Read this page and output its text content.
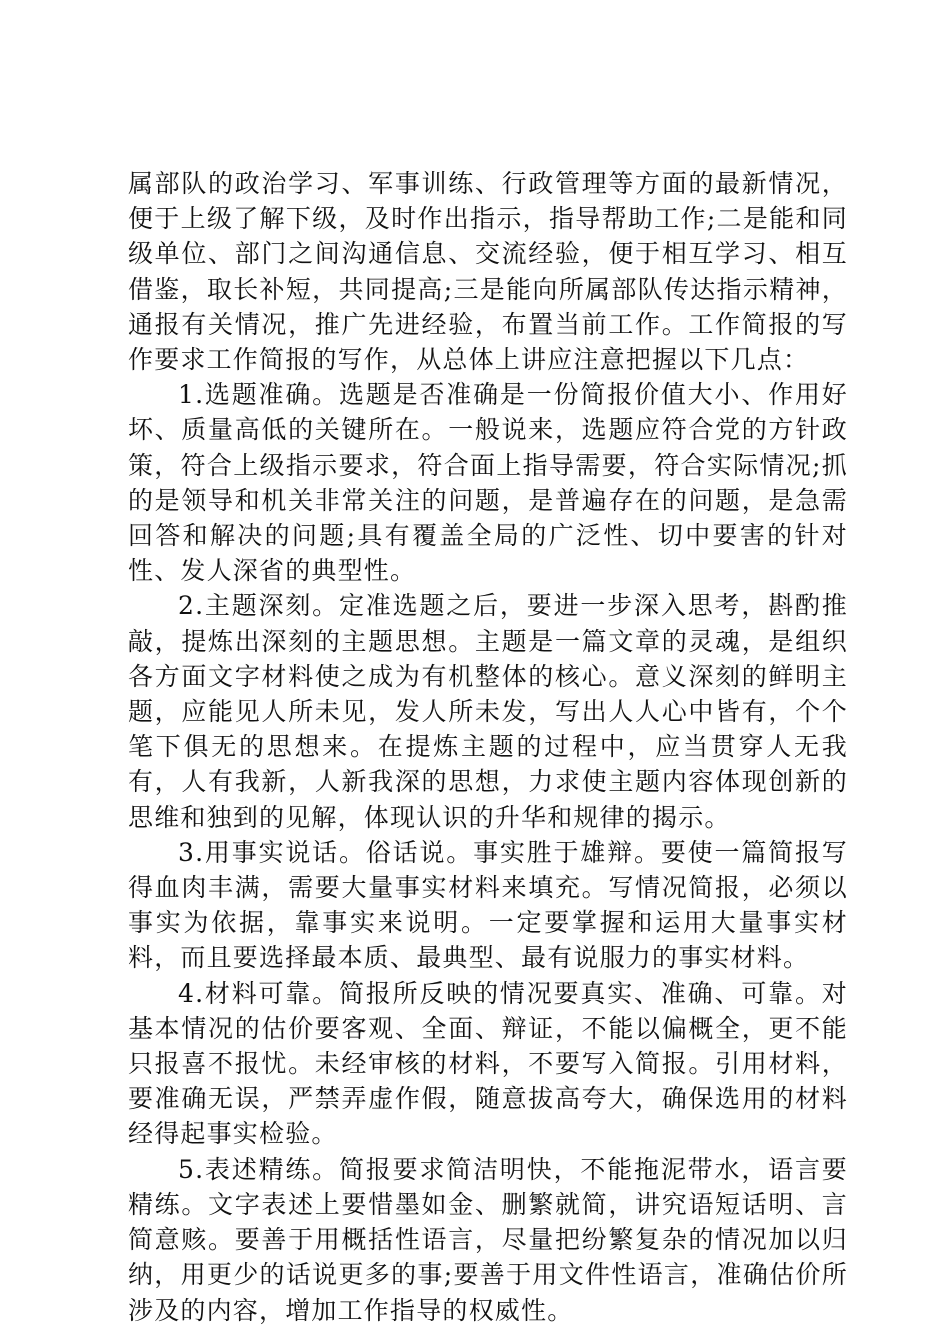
属部队的政治学习、军事训练、行政管理等方面的最新情况，便于上级了解下级，及时作出指示，指导帮助工作;二是能和同级单位、部门之间沟通信息、交流经验，便于相互学习、相互借鉴，取长补短，共同提高;三是能向所属部队传达指示精神，通报有关情况，推广先进经验，布置当前工作。工作简报的写作要求工作简报的写作，从总体上讲应注意把握以下几点：

1.选题准确。选题是否准确是一份简报价值大小、作用好坏、质量高低的关键所在。一般说来，选题应符合党的方针政策，符合上级指示要求，符合面上指导需要，符合实际情况;抓的是领导和机关非常关注的问题，是普遍存在的问题，是急需回答和解决的问题;具有覆盖全局的广泛性、切中要害的针对性、发人深省的典型性。

2.主题深刻。定准选题之后，要进一步深入思考，斟酌推敲，提炼出深刻的主题思想。主题是一篇文章的灵魂，是组织各方面文字材料使之成为有机整体的核心。意义深刻的鲜明主题，应能见人所未见，发人所未发，写出人人心中皆有，个个笔下俱无的思想来。在提炼主题的过程中，应当贯穿人无我有，人有我新，人新我深的思想，力求使主题内容体现创新的思维和独到的见解，体现认识的升华和规律的揭示。

3.用事实说话。俗话说。事实胜于雄辩。要使一篇简报写得血肉丰满，需要大量事实材料来填充。写情况简报，必须以事实为依据，靠事实来说明。一定要掌握和运用大量事实材料，而且要选择最本质、最典型、最有说服力的事实材料。

4.材料可靠。简报所反映的情况要真实、准确、可靠。对基本情况的估价要客观、全面、辩证，不能以偏概全，更不能只报喜不报忧。未经审核的材料，不要写入简报。引用材料，要准确无误，严禁弄虚作假，随意拔高夸大，确保选用的材料经得起事实检验。

5.表述精练。简报要求简洁明快，不能拖泥带水，语言要精练。文字表述上要惜墨如金、删繁就简，讲究语短话明、言简意赅。要善于用概括性语言，尽量把纷繁复杂的情况加以归纳，用更少的话说更多的事;要善于用文件性语言，准确估价所涉及的内容，增加工作指导的权威性。
